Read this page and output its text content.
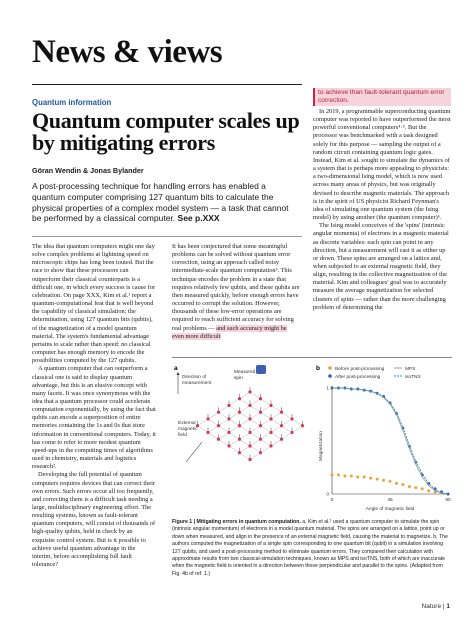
News & views
Quantum information
Quantum computer scales up by mitigating errors
Göran Wendin & Jonas Bylander
A post-processing technique for handling errors has enabled a quantum computer comprising 127 quantum bits to calculate the physical properties of a complex model system — a task that cannot be performed by a classical computer. See p.XXX

The idea that quantum computers might one day solve complex problems at lightning speed on microscopic chips has long been touted. But the race to show that these processors can outperform their classical counterparts is a difficult one, in which every success is cause for celebration. On page XXX, Kim et al.¹ report a quantum-computational feat that is well beyond the capability of classical simulation: the determination, using 127 quantum bits (qubits), of the magnetization of a model quantum material. The system's fundamental advantage pertains to scale rather than speed: no classical computer has enough memory to encode the possibilities computed by the 127 qubits.

A quantum computer that can outperform a classical one is said to display quantum advantage, but this is an elusive concept with many facets. It was once synonymous with the idea that a quantum processor could accelerate computation exponentially, by using the fact that qubits can encode a superposition of entire memories containing the 1s and 0s that store information in conventional computers. Today, it has come to refer to more modest quantum speed-ups in the computing times of algorithms used in chemistry, materials and logistics research².

Developing the full potential of quantum computers requires devices that can correct their own errors. Such errors occur all too frequently, and correcting them is a difficult task needing a large, multidisciplinary engineering effort. The resulting systems, known as fault-tolerant quantum computers, will consist of thousands of high-quality qubits, held in check by an exquisite control system. But is it possible to achieve useful quantum advantage in the interim, before accomplishing full fault tolerance?

It has been conjectured that some meaningful problems can be solved without quantum error correction, using an approach called noisy intermediate-scale quantum computation³. This technique encodes the problem in a state that requires relatively few qubits, and these qubits are then measured quickly, before enough errors have occurred to corrupt the solution. However, thousands of these low-error operations are required to reach sufficient accuracy for solving real problems — and such accuracy might be even more difficult

to achieve than fault-tolerant quantum error correction.

In 2019, a programmable superconducting quantum computer was reported to have outperformed the most powerful conventional computers⁴·⁵. But the processor was benchmarked with a task designed solely for this purpose — sampling the output of a random circuit containing quantum logic gates. Instead, Kim et al. sought to simulate the dynamics of a system that is perhaps more appealing to physicists: a two-dimensional Ising model, which is now used across many areas of physics, but was originally devised to describe magnetic materials. The approach is in the spirit of US physicist Richard Feynman's idea of simulating one quantum system (the Ising model) by using another (the quantum computer)⁶.

The Ising model conceives of the 'spins' (intrinsic angular momenta) of electrons in a magnetic material as discrete variables: each spin can point in any direction, but a measurement will cast it as either up or down. These spins are arranged on a lattice and, when subjected to an external magnetic field, they align, resulting in the collective magnetization of the material. Kim and colleagues' goal was to accurately measure the average magnetization for selected clusters of spins — rather than the more challenging problem of determining the

a
Direction of measurement
Measured spin
External magnetic field
b	Before post-processing
After post-processing
MPS
isoTNS
Magnetization
Angle of magnetic field
0	45	90
0
1
Figure 1 | Mitigating errors in quantum computation. a, Kim et al.¹ used a quantum computer to simulate the spin (intrinsic angular momentum) of electrons in a model quantum material. The spins are arranged on a lattice, point up or down when measured, and align in the presence of an external magnetic field, causing the material to magnetize. b, The authors computed the magnetization of a single spin corresponding to one quantum bit (qubit) in a simulation involving 127 qubits, and used a post-processing method to eliminate quantum errors. They compared their calculation with approximate results from two classical-simulation techniques, known as MPS and isoTNS, both of which are inaccurate when the magnetic field is oriented in a direction between those perpendicular and parallel to the spins. (Adapted from Fig. 4b of ref. 1.)
Nature | 1
